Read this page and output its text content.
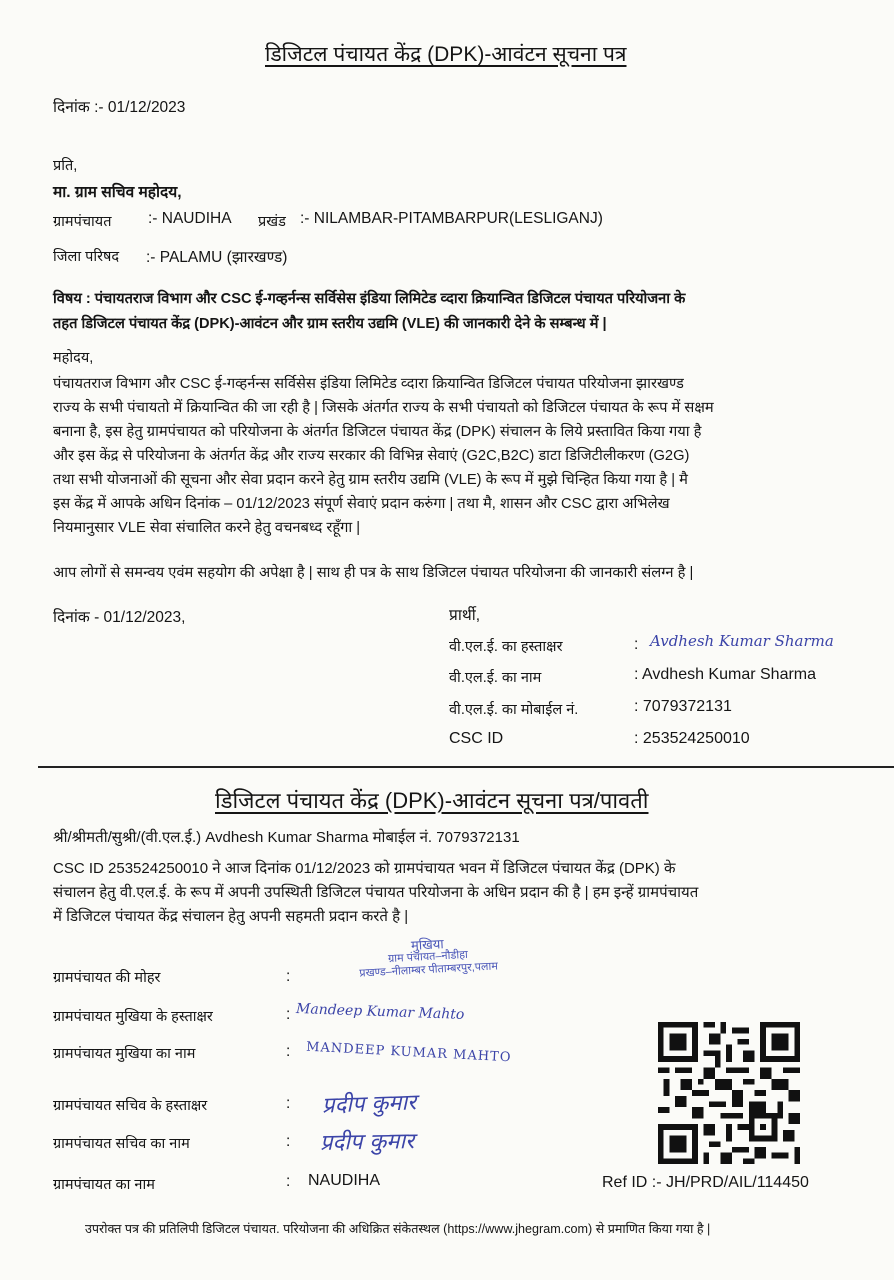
डिजिटल पंचायत केंद्र (DPK)-आवंटन सूचना पत्र
दिनांक :- 01/12/2023
प्रति,
मा. ग्राम सचिव महोदय,
ग्रामपंचायत :- NAUDIHA प्रखंड :- NILAMBAR-PITAMBARPUR(LESLIGANJ)
जिला परिषद :- PALAMU (झारखण्ड)
विषय : पंचायतराज विभाग और CSC ई-गव्हर्नन्स सर्विसेस इंडिया लिमिटेड व्दारा क्रियान्वित डिजिटल पंचायत परियोजना के
तहत डिजिटल पंचायत केंद्र (DPK)-आवंटन और ग्राम स्तरीय उद्यमि (VLE) की जानकारी देने के सम्बन्ध में |
महोदय,
पंचायतराज विभाग और CSC ई-गव्हर्नन्स सर्विसेस इंडिया लिमिटेड व्दारा क्रियान्वित डिजिटल पंचायत परियोजना झारखण्ड
राज्य के सभी पंचायतो में क्रियान्वित की जा रही है | जिसके अंतर्गत राज्य के सभी पंचायतो को डिजिटल पंचायत के रूप में सक्षम
बनाना है, इस हेतु ग्रामपंचायत को परियोजना के अंतर्गत डिजिटल पंचायत केंद्र (DPK) संचालन के लिये प्रस्तावित किया गया है
और इस केंद्र से परियोजना के अंतर्गत केंद्र और राज्य सरकार की विभिन्न सेवाएं (G2C,B2C) डाटा डिजिटीलीकरण (G2G)
तथा सभी योजनाओं की सूचना और सेवा प्रदान करने हेतु ग्राम स्तरीय उद्यमि (VLE) के रूप में मुझे चिन्हित किया गया है | मै
इस केंद्र में आपके अधिन दिनांक – 01/12/2023 संपूर्ण सेवाएं प्रदान करुंगा | तथा मै, शासन और CSC द्वारा अभिलेख
नियमानुसार VLE सेवा संचालित करने हेतु वचनबध्द रहूँगा |
आप लोगों से समन्वय एवंम सहयोग की अपेक्षा है | साथ ही पत्र के साथ डिजिटल पंचायत परियोजना की जानकारी संलग्न है |
दिनांक - 01/12/2023,	प्रार्थी,
वी.एल.ई. का हस्ताक्षर	: Avdhesh Kumar Sharma
वी.एल.ई. का नाम	: Avdhesh Kumar Sharma
वी.एल.ई. का मोबाईल नं.	: 7079372131
CSC ID	: 253524250010
डिजिटल पंचायत केंद्र (DPK)-आवंटन सूचना पत्र/पावती
श्री/श्रीमती/सुश्री/(वी.एल.ई.) Avdhesh Kumar Sharma मोबाईल नं. 7079372131
CSC ID 253524250010 ने आज दिनांक 01/12/2023 को ग्रामपंचायत भवन में डिजिटल पंचायत केंद्र (DPK) के
संचालन हेतु वी.एल.ई. के रूप में अपनी उपस्थिती डिजिटल पंचायत परियोजना के अधिन प्रदान की है | हम इन्हें ग्रामपंचायत
में डिजिटल पंचायत केंद्र संचालन हेतु अपनी सहमती प्रदान करते है |
ग्रामपंचायत की मोहर	:
मुखिया
ग्राम पंचायत–नौडीहा
प्रखण्ड–नीलाम्बर पीताम्बरपुर,पलाम
ग्रामपंचायत मुखिया के हस्ताक्षर	: Mandeep Kumar Mahto
ग्रामपंचायत मुखिया का नाम	: MANDEEP KUMAR MAHTO
ग्रामपंचायत सचिव के हस्ताक्षर	: प्रदीप कुमार
ग्रामपंचायत सचिव का नाम	: प्रदीप कुमार
ग्रामपंचायत का नाम	: NAUDIHA	Ref ID :- JH/PRD/AIL/114450
उपरोक्त पत्र की प्रतिलिपी डिजिटल पंचायत. परियोजना की अधिक्रित संकेतस्थल (https://www.jhegram.com) से प्रमाणित किया गया है |
